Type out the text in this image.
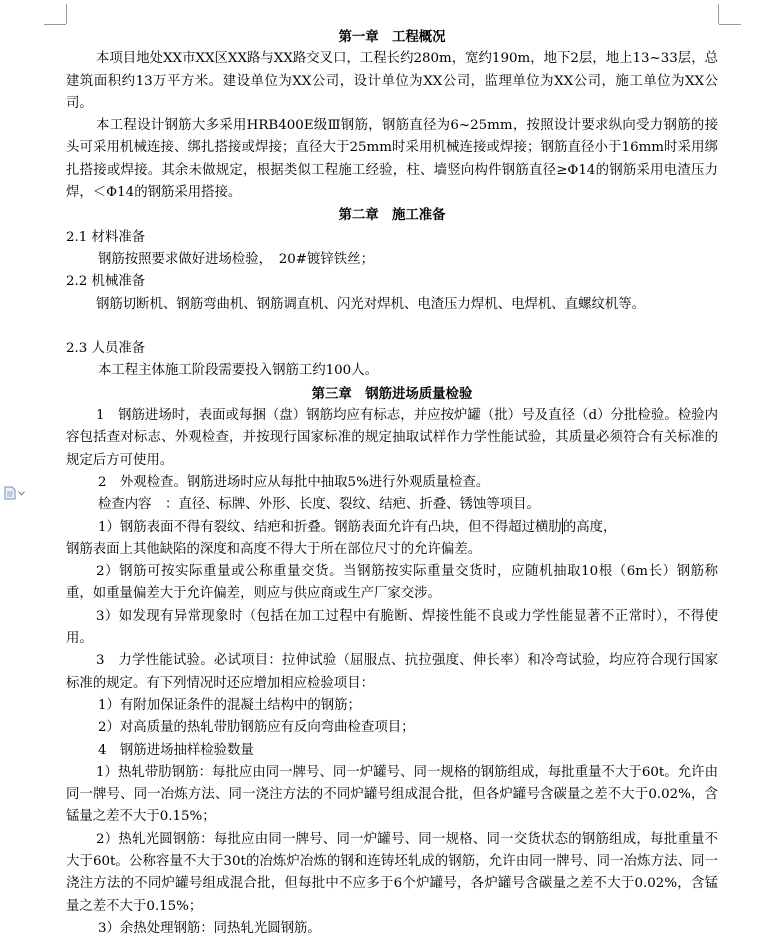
第一章　工程概况
本项目地处XX市XX区XX路与XX路交叉口，工程长约280m，宽约190m，地下2层，地上13~33层，总建筑面积约13万平方米。建设单位为XX公司，设计单位为XX公司，监理单位为XX公司，施工单位为XX公司。
本工程设计钢筋大多采用HRB400E级Ⅲ钢筋，钢筋直径为6~25mm，按照设计要求纵向受力钢筋的接头可采用机械连接、绑扎搭接或焊接；直径大于25mm时采用机械连接或焊接；钢筋直径小于16mm时采用绑扎搭接或焊接。其余未做规定，根据类似工程施工经验，柱、墙竖向构件钢筋直径≥Φ14的钢筋采用电渣压力焊，＜Φ14的钢筋采用搭接。
第二章　施工准备
2.1 材料准备
钢筋按照要求做好进场检验，　20#镀锌铁丝；
2.2 机械准备
钢筋切断机、钢筋弯曲机、钢筋调直机、闪光对焊机、电渣压力焊机、电焊机、直螺纹机等。
2.3 人员准备
本工程主体施工阶段需要投入钢筋工约100人。
第三章　钢筋进场质量检验
1　钢筋进场时，表面或每捆（盘）钢筋均应有标志，并应按炉罐（批）号及直径（d）分批检验。检验内容包括查对标志、外观检查，并按现行国家标准的规定抽取试样作力学性能试验，其质量必须符合有关标准的规定后方可使用。
2　外观检查。钢筋进场时应从每批中抽取5%进行外观质量检查。
检查内容　：直径、标牌、外形、长度、裂纹、结疤、折叠、锈蚀等项目。
1）钢筋表面不得有裂纹、结疤和折叠。钢筋表面允许有凸块，但不得超过横肋的高度，
钢筋表面上其他缺陷的深度和高度不得大于所在部位尺寸的允许偏差。
2）钢筋可按实际重量或公称重量交货。当钢筋按实际重量交货时，应随机抽取10根（6m长）钢筋称重，如重量偏差大于允许偏差，则应与供应商或生产厂家交涉。
3）如发现有异常现象时（包括在加工过程中有脆断、焊接性能不良或力学性能显著不正常时），不得使用。
3　力学性能试验。必试项目：拉伸试验（屈服点、抗拉强度、伸长率）和冷弯试验，均应符合现行国家标准的规定。有下列情况时还应增加相应检验项目：
1）有附加保证条件的混凝土结构中的钢筋；
2）对高质量的热轧带肋钢筋应有反向弯曲检查项目；
4　钢筋进场抽样检验数量
1）热轧带肋钢筋：每批应由同一牌号、同一炉罐号、同一规格的钢筋组成，每批重量不大于60t。允许由同一牌号、同一冶炼方法、同一浇注方法的不同炉罐号组成混合批，但各炉罐号含碳量之差不大于0.02%，含锰量之差不大于0.15%；
2）热轧光圆钢筋：每批应由同一牌号、同一炉罐号、同一规格、同一交货状态的钢筋组成，每批重量不大于60t。公称容量不大于30t的冶炼炉冶炼的钢和连铸坯轧成的钢筋，允许由同一牌号、同一冶炼方法、同一浇注方法的不同炉罐号组成混合批，但每批中不应多于6个炉罐号，各炉罐号含碳量之差不大于0.02%，含锰量之差不大于0.15%；
3）余热处理钢筋：同热轧光圆钢筋。
